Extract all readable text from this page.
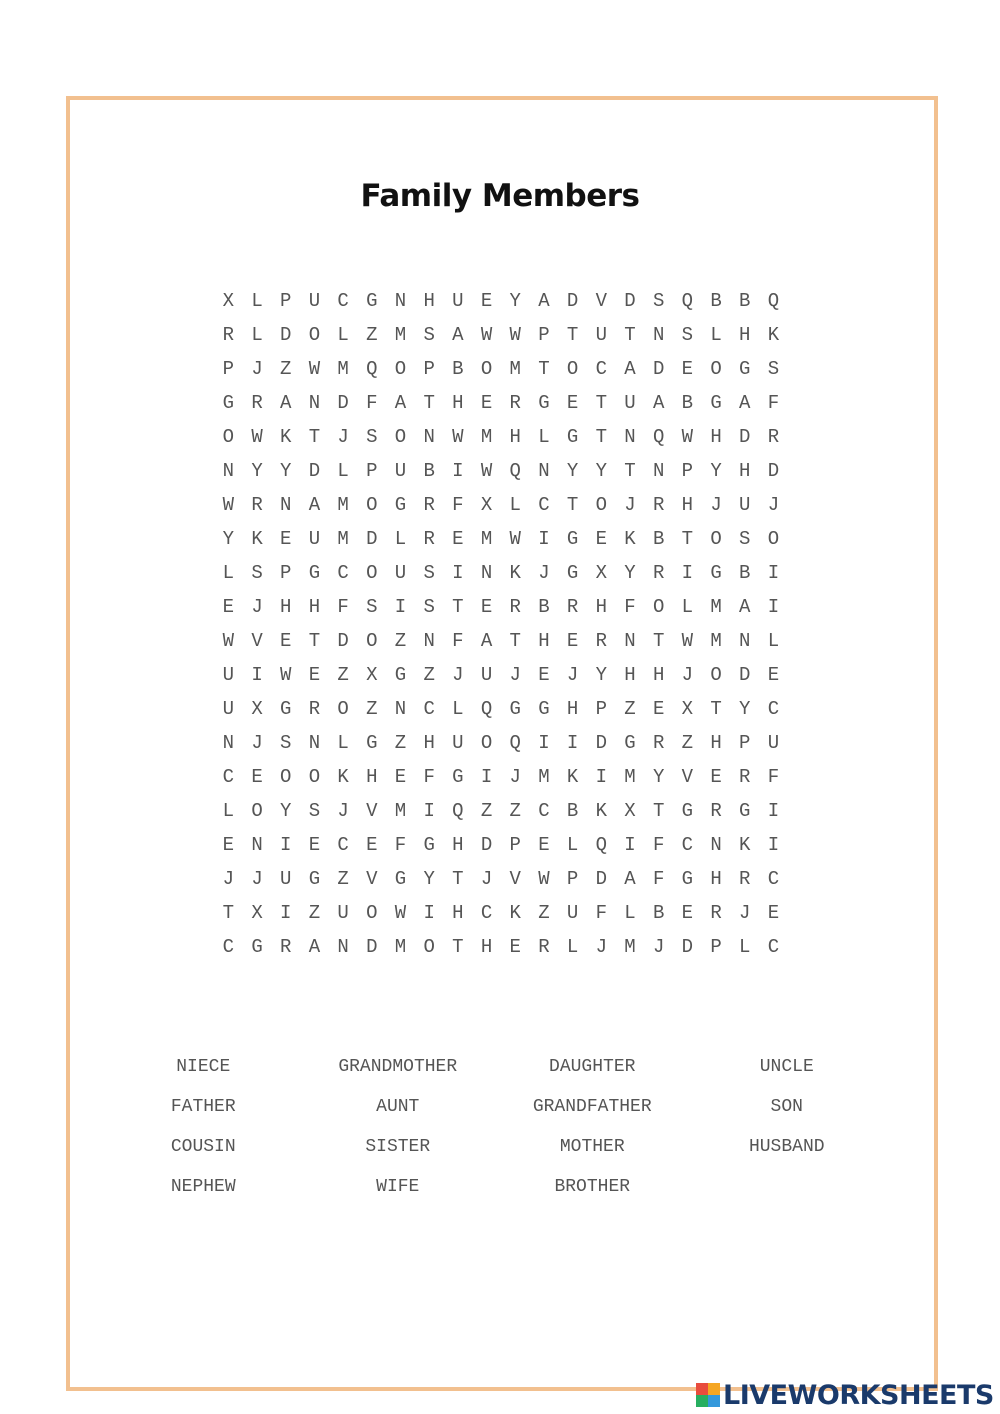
Family Members
X L P U C G N H U E Y A D V D S Q B B Q
R L D O L Z M S A W W P T U T N S L H K
P J Z W M Q O P B O M T O C A D E O G S
G R A N D F A T H E R G E T U A B G A F
O W K T J S O N W M H L G T N Q W H D R
N Y Y D L P U B I W Q N Y Y T N P Y H D
W R N A M O G R F X L C T O J R H J U J
Y K E U M D L R E M W I G E K B T O S O
L S P G C O U S I N K J G X Y R I G B I
E J H H F S I S T E R B R H F O L M A I
W V E T D O Z N F A T H E R N T W M N L
U I W E Z X G Z J U J E J Y H H J O D E
U X G R O Z N C L Q G G H P Z E X T Y C
N J S N L G Z H U O Q I I D G R Z H P U
C E O O K H E F G I J M K I M Y V E R F
L O Y S J V M I Q Z Z C B K X T G R G I
E N I E C E F G H D P E L Q I F C N K I
J J U G Z V G Y T J V W P D A F G H R C
T X I Z U O W I H C K Z U F L B E R J E
C G R A N D M O T H E R L J M J D P L C
NIECE	GRANDMOTHER	DAUGHTER	UNCLE
FATHER	AUNT	GRANDFATHER	SON
COUSIN	SISTER	MOTHER	HUSBAND
NEPHEW	WIFE	BROTHER
LIVEWORKSHEETS
